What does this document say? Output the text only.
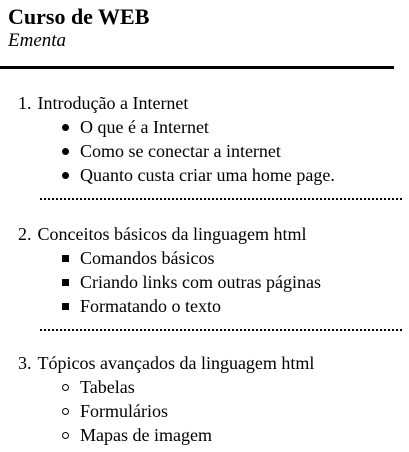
Curso de WEB
Ementa
1. Introdução a Internet
O que é a Internet
Como se conectar a internet
Quanto custa criar uma home page.
2. Conceitos básicos da linguagem html
Comandos básicos
Criando links com outras páginas
Formatando o texto
3. Tópicos avançados da linguagem html
Tabelas
Formulários
Mapas de imagem
